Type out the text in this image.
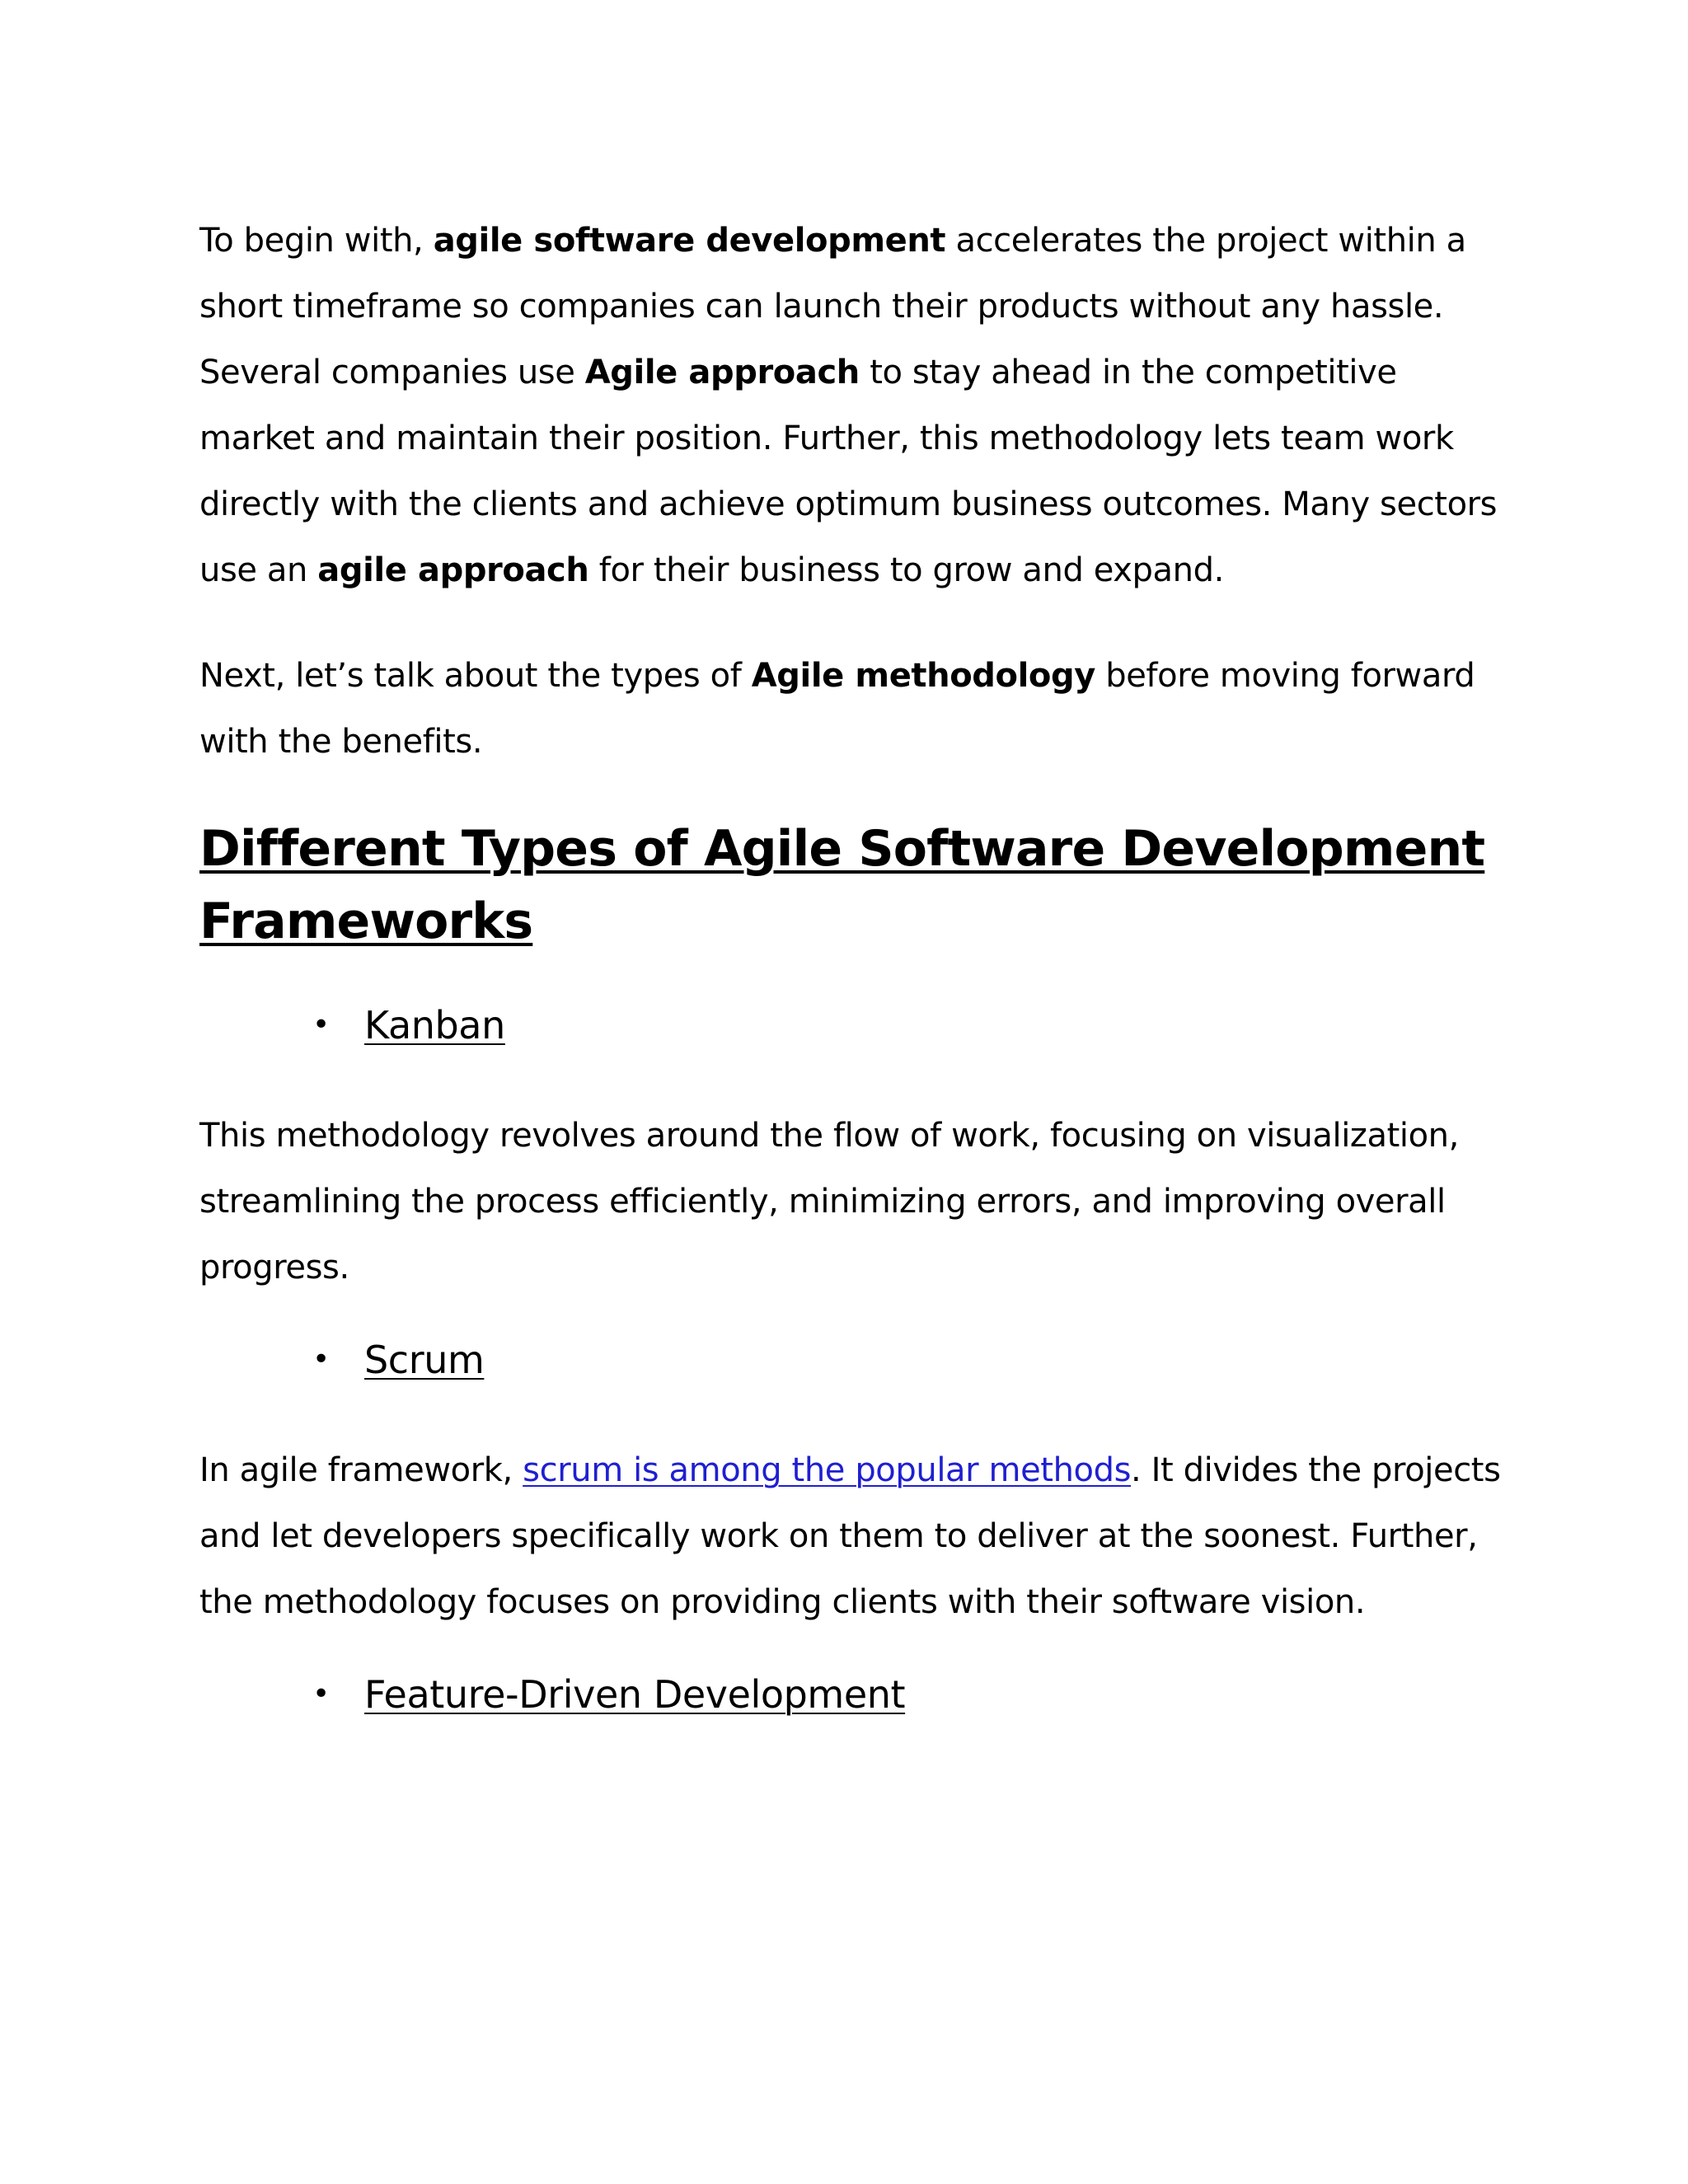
To begin with, agile software development accelerates the project within a short timeframe so companies can launch their products without any hassle. Several companies use Agile approach to stay ahead in the competitive market and maintain their position. Further, this methodology lets team work directly with the clients and achieve optimum business outcomes. Many sectors use an agile approach for their business to grow and expand.

Next, let’s talk about the types of Agile methodology before moving forward with the benefits.

Different Types of Agile Software Development Frameworks

• Kanban

This methodology revolves around the flow of work, focusing on visualization, streamlining the process efficiently, minimizing errors, and improving overall progress.

• Scrum

In agile framework, scrum is among the popular methods. It divides the projects and let developers specifically work on them to deliver at the soonest. Further, the methodology focuses on providing clients with their software vision.

• Feature-Driven Development
